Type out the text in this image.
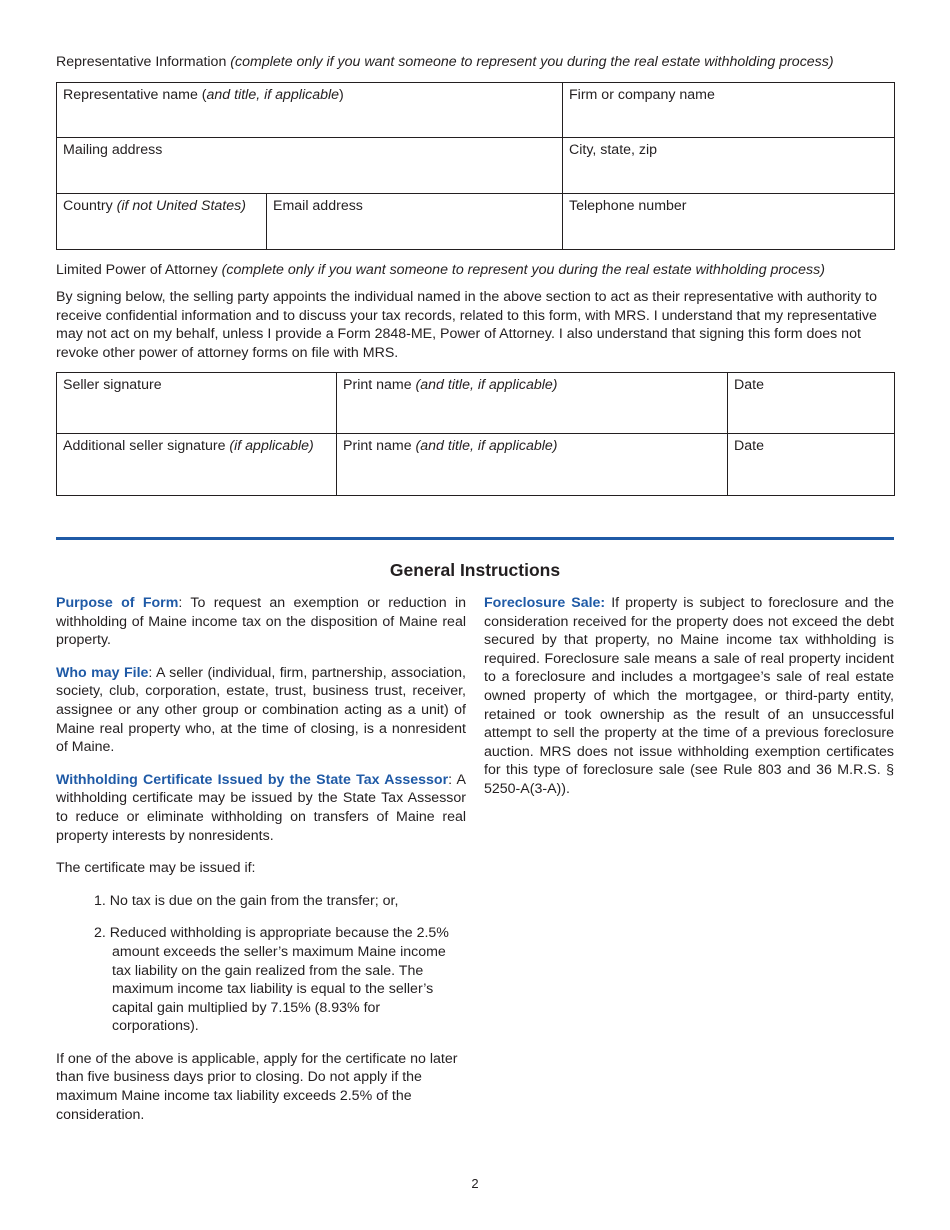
Representative Information (complete only if you want someone to represent you during the real estate withholding process)
Representative name (and title, if applicable)		Firm or company name

Mailing address		City, state, zip

Country (if not United States)	Email address	Telephone number
Limited Power of Attorney (complete only if you want someone to represent you during the real estate withholding process)
By signing below, the selling party appoints the individual named in the above section to act as their representative with authority to receive confidential information and to discuss your tax records, related to this form, with MRS. I understand that my representative may not act on my behalf, unless I provide a Form 2848-ME, Power of Attorney. I also understand that signing this form does not revoke other power of attorney forms on file with MRS.
Seller signature	Print name (and title, if applicable)	Date

Additional seller signature (if applicable)	Print name (and title, if applicable)	Date
General Instructions

Purpose of Form: To request an exemption or reduction in withholding of Maine income tax on the disposition of Maine real property.

Who may File: A seller (individual, firm, partnership, association, society, club, corporation, estate, trust, business trust, receiver, assignee or any other group or combination acting as a unit) of Maine real property who, at the time of closing, is a nonresident of Maine.

Withholding Certificate Issued by the State Tax Assessor: A withholding certificate may be issued by the State Tax Assessor to reduce or eliminate withholding on transfers of Maine real property interests by nonresidents.

The certificate may be issued if:

1. No tax is due on the gain from the transfer; or,
2. Reduced withholding is appropriate because the 2.5% amount exceeds the seller’s maximum Maine income tax liability on the gain realized from the sale. The maximum income tax liability is equal to the seller’s capital gain multiplied by 7.15% (8.93% for corporations).

If one of the above is applicable, apply for the certificate no later than five business days prior to closing. Do not apply if the maximum Maine income tax liability exceeds 2.5% of the consideration.

Foreclosure Sale: If property is subject to foreclosure and the consideration received for the property does not exceed the debt secured by that property, no Maine income tax withholding is required. Foreclosure sale means a sale of real property incident to a foreclosure and includes a mortgagee’s sale of real estate owned property of which the mortgagee, or third-party entity, retained or took ownership as the result of an unsuccessful attempt to sell the property at the time of a previous foreclosure auction. MRS does not issue withholding exemption certificates for this type of foreclosure sale (see Rule 803 and 36 M.R.S. § 5250-A(3-A)).

2
